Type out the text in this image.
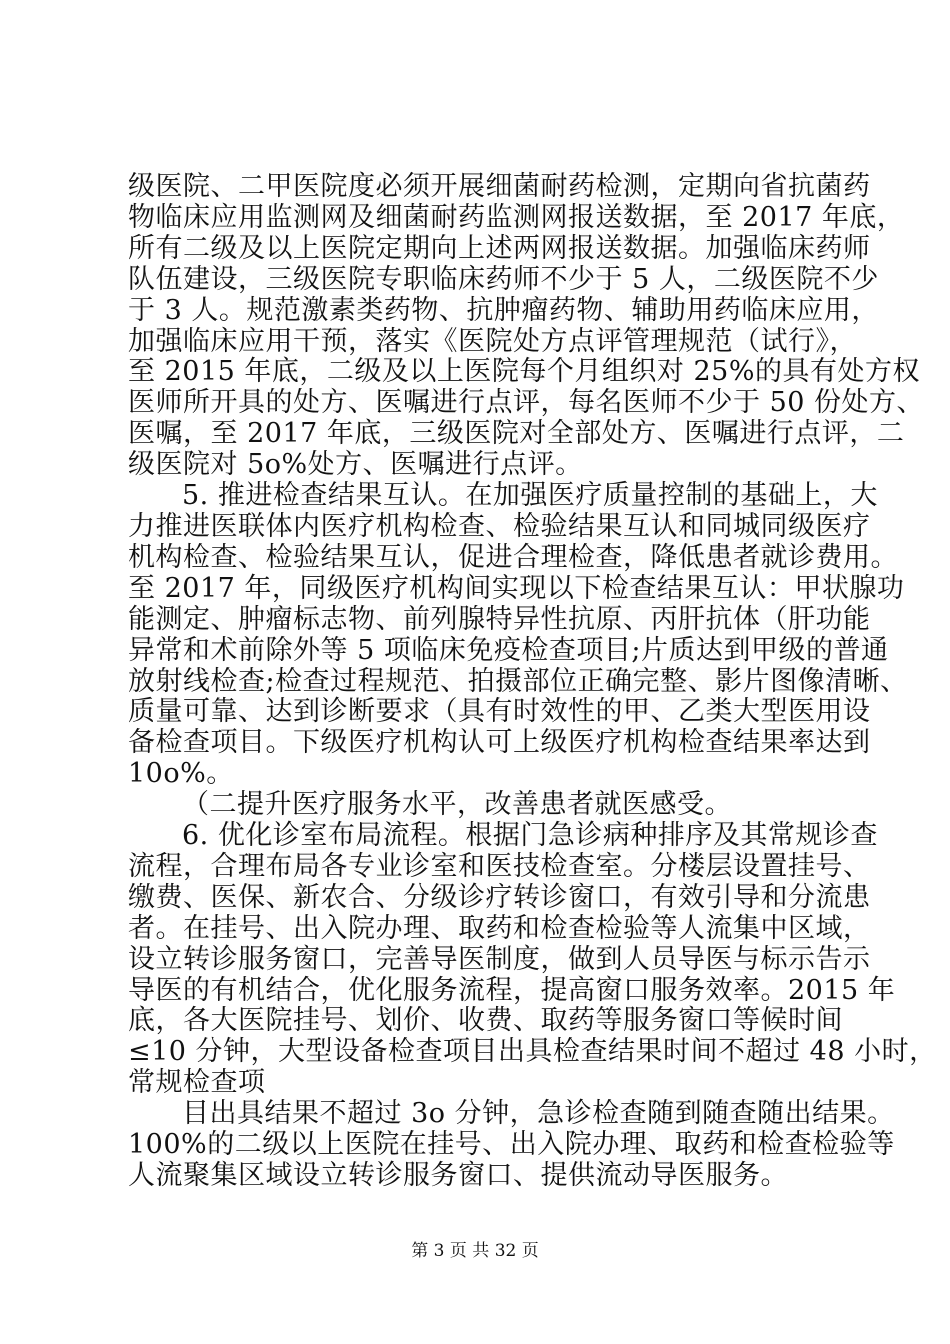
级医院、二甲医院度必须开展细菌耐药检测，定期向省抗菌药
物临床应用监测网及细菌耐药监测网报送数据，至 2017 年底，
所有二级及以上医院定期向上述两网报送数据。加强临床药师
队伍建设，三级医院专职临床药师不少于 5 人，二级医院不少
于 3 人。规范激素类药物、抗肿瘤药物、辅助用药临床应用，
加强临床应用干预，落实《医院处方点评管理规范（试行》，
至 2015 年底，二级及以上医院每个月组织对 25%的具有处方权
医师所开具的处方、医嘱进行点评，每名医师不少于 50 份处方、
医嘱，至 2017 年底，三级医院对全部处方、医嘱进行点评，二
级医院对 5o%处方、医嘱进行点评。
5. 推进检查结果互认。在加强医疗质量控制的基础上，大
力推进医联体内医疗机构检查、检验结果互认和同城同级医疗
机构检查、检验结果互认，促进合理检查，降低患者就诊费用。
至 2017 年，同级医疗机构间实现以下检查结果互认：甲状腺功
能测定、肿瘤标志物、前列腺特异性抗原、丙肝抗体（肝功能
异常和术前除外等 5 项临床免疫检查项目;片质达到甲级的普通
放射线检查;检查过程规范、拍摄部位正确完整、影片图像清晰、
质量可靠、达到诊断要求（具有时效性的甲、乙类大型医用设
备检查项目。下级医疗机构认可上级医疗机构检查结果率达到
10o%。
（二提升医疗服务水平，改善患者就医感受。
6. 优化诊室布局流程。根据门急诊病种排序及其常规诊查
流程，合理布局各专业诊室和医技检查室。分楼层设置挂号、
缴费、医保、新农合、分级诊疗转诊窗口，有效引导和分流患
者。在挂号、出入院办理、取药和检查检验等人流集中区域，
设立转诊服务窗口，完善导医制度，做到人员导医与标示告示
导医的有机结合，优化服务流程，提高窗口服务效率。2015 年
底，各大医院挂号、划价、收费、取药等服务窗口等候时间
≤10 分钟，大型设备检查项目出具检查结果时间不超过 48 小时，
常规检查项
目出具结果不超过 3o 分钟，急诊检查随到随查随出结果。
100%的二级以上医院在挂号、出入院办理、取药和检查检验等
人流聚集区域设立转诊服务窗口、提供流动导医服务。
第 3 页 共 32 页
